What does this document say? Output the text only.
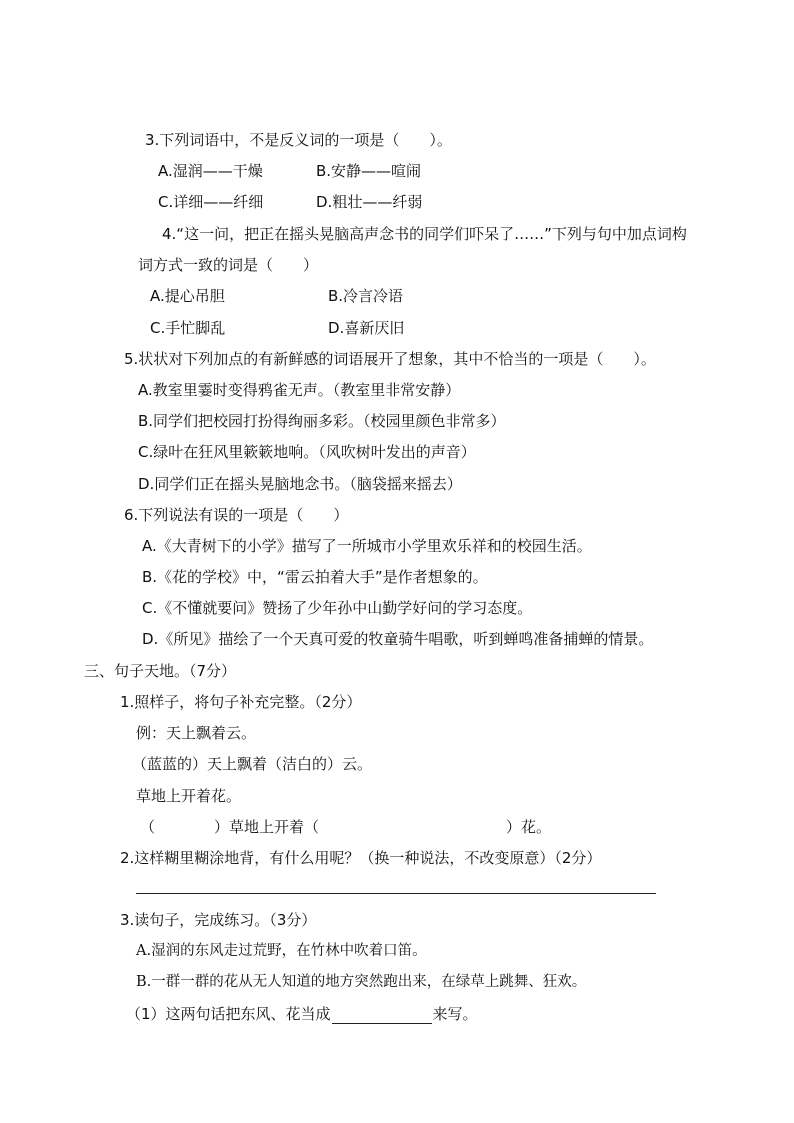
3.下列词语中，不是反义词的一项是（　　）。
A.湿润——干燥	B.安静——喧闹
C.详细——纤细	D.粗壮——纤弱
4.“这一问，把正在摇头晃脑高声念书的同学们吓呆了……”下列与句中加点词构
词方式一致的词是（　　）
A.提心吊胆	B.冷言冷语
C.手忙脚乱	D.喜新厌旧
5.状状对下列加点的有新鲜感的词语展开了想象，其中不恰当的一项是（　　）。
A.教室里霎时变得鸦雀无声。（教室里非常安静）
B.同学们把校园打扮得绚丽多彩。（校园里颜色非常多）
C.绿叶在狂风里簌簌地响。（风吹树叶发出的声音）
D.同学们正在摇头晃脑地念书。（脑袋摇来摇去）
6.下列说法有误的一项是（　　）
A.《大青树下的小学》描写了一所城市小学里欢乐祥和的校园生活。
B.《花的学校》中，“雷云拍着大手”是作者想象的。
C.《不懂就要问》赞扬了少年孙中山勤学好问的学习态度。
D.《所见》描绘了一个天真可爱的牧童骑牛唱歌，听到蝉鸣准备捕蝉的情景。
三、句子天地。（7分）
1.照样子，将句子补充完整。（2分）
例：天上飘着云。
（蓝蓝的）天上飘着（洁白的）云。
草地上开着花。
（	）草地上开着（	）花。
2.这样糊里糊涂地背，有什么用呢？（换一种说法，不改变原意）（2分）
3.读句子，完成练习。（3分）
A.湿润的东风走过荒野，在竹林中吹着口笛。
B.一群一群的花从无人知道的地方突然跑出来，在绿草上跳舞、狂欢。
（1）这两句话把东风、花当成	来写。
